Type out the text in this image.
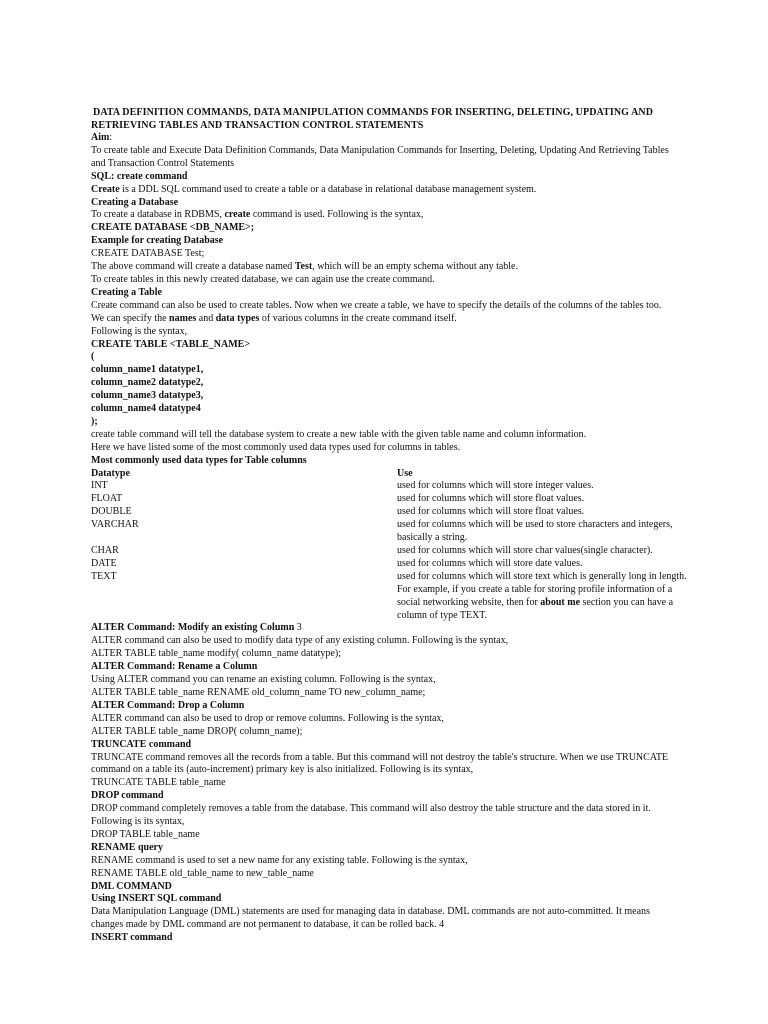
DATA DEFINITION COMMANDS, DATA MANIPULATION COMMANDS FOR INSERTING, DELETING, UPDATING AND
RETRIEVING TABLES AND TRANSACTION CONTROL STATEMENTS
Aim:
To create table and Execute Data Definition Commands, Data Manipulation Commands for Inserting, Deleting, Updating And Retrieving Tables
and Transaction Control Statements
SQL: create command
Create is a DDL SQL command used to create a table or a database in relational database management system.
Creating a Database
To create a database in RDBMS, create command is used. Following is the syntax,
CREATE DATABASE <DB_NAME>;
Example for creating Database
CREATE DATABASE Test;
The above command will create a database named Test, which will be an empty schema without any table.
To create tables in this newly created database, we can again use the create command.
Creating a Table
Create command can also be used to create tables. Now when we create a table, we have to specify the details of the columns of the tables too.
We can specify the names and data types of various columns in the create command itself.
Following is the syntax,
CREATE TABLE <TABLE_NAME>
(
column_name1 datatype1,
column_name2 datatype2,
column_name3 datatype3,
column_name4 datatype4
);
create table command will tell the database system to create a new table with the given table name and column information.
Here we have listed some of the most commonly used data types used for columns in tables.
Most commonly used data types for Table columns
Datatype	Use
INT	used for columns which will store integer values.
FLOAT	used for columns which will store float values.
DOUBLE	used for columns which will store float values.
VARCHAR	used for columns which will be used to store characters and integers, basically a string.
CHAR	used for columns which will store char values(single character).
DATE	used for columns which will store date values.
TEXT	used for columns which will store text which is generally long in length. For example, if you create a table for storing profile information of a social networking website, then for about me section you can have a column of type TEXT.
ALTER Command: Modify an existing Column 3
ALTER command can also be used to modify data type of any existing column. Following is the syntax,
ALTER TABLE table_name modify( column_name datatype);
ALTER Command: Rename a Column
Using ALTER command you can rename an existing column. Following is the syntax,
ALTER TABLE table_name RENAME old_column_name TO new_column_name;
ALTER Command: Drop a Column
ALTER command can also be used to drop or remove columns. Following is the syntax,
ALTER TABLE table_name DROP( column_name);
TRUNCATE command
TRUNCATE command removes all the records from a table. But this command will not destroy the table's structure. When we use TRUNCATE
command on a table its (auto-increment) primary key is also initialized. Following is its syntax,
TRUNCATE TABLE table_name
DROP command
DROP command completely removes a table from the database. This command will also destroy the table structure and the data stored in it.
Following is its syntax,
DROP TABLE table_name
RENAME query
RENAME command is used to set a new name for any existing table. Following is the syntax,
RENAME TABLE old_table_name to new_table_name
DML COMMAND
Using INSERT SQL command
Data Manipulation Language (DML) statements are used for managing data in database. DML commands are not auto-committed. It means
changes made by DML command are not permanent to database, it can be rolled back. 4
INSERT command
